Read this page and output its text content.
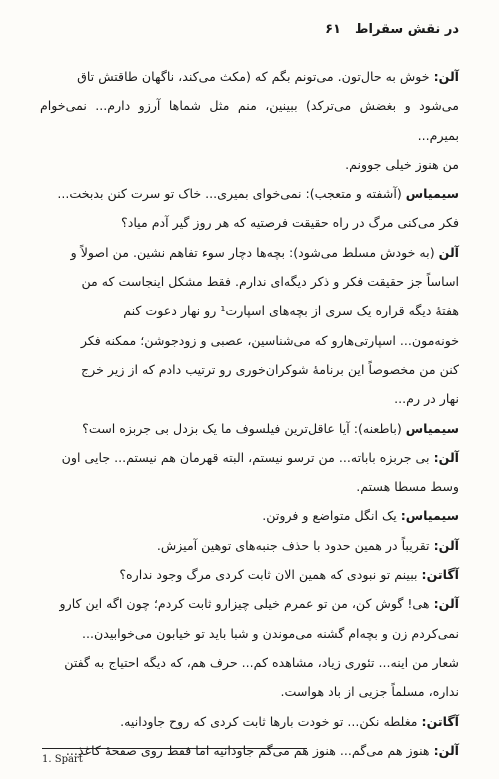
در نقش سقراط
۶۱

آلن: خوش به حال‌تون. می‌تونم بگم که (مکث می‌کند، ناگهان طاقتش تاق

می‌شود و بغضش می‌ترکد) ببینین، منم مثل شماها آرزو دارم... نمی‌خوام بمیرم...

من هنوز خیلی جوونم.

سیمیاس (آشفته و متعجب): نمی‌خوای بمیری... خاک تو سرت کنن بدبخت...

فکر می‌کنی مرگ در راه حقیقت فرصتیه که هر روز گیر آدم میاد؟

آلن (به خودش مسلط می‌شود): بچه‌ها دچار سوء تفاهم نشین. من اصولاً و

اساساً جز حقیقت فکر و ذکر دیگه‌ای ندارم. فقط مشکل اینجاست که من

هفتهٔ دیگه قراره یک سری از بچه‌های اسپارت¹ رو نهار دعوت کنم

خونه‌مون... اسپارتی‌هارو که می‌شناسین، عصبی و زودجوشن؛ ممکنه فکر

کنن من مخصوصاً این برنامهٔ شوکران‌خوری رو ترتیب دادم که از زیر خرج

نهار در رم...

سیمیاس (باطعنه): آیا عاقل‌ترین فیلسوف ما یک بزدل بی جربزه است؟

آلن: بی جربزه باباته... من ترسو نیستم، البته قهرمان هم نیستم... جایی اون

وسط مسطا هستم.

سیمیاس: یک انگل متواضع و فروتن.

آلن: تقریباً در همین حدود با حذف جنبه‌های توهین آمیزش.

آگاتن: ببینم تو نبودی که همین الان ثابت کردی مرگ وجود نداره؟

آلن: هی! گوش کن، من تو عمرم خیلی چیزارو ثابت کردم؛ چون اگه این کارو

نمی‌کردم زن و بچه‌ام گشنه می‌موندن و شبا باید تو خیابون می‌خوابیدن...

شعار من اینه... تئوری زیاد، مشاهده کم... حرف هم، که دیگه احتیاج به گفتن

نداره، مسلماً جزیی از باد هواست.

آگاتن: مغلطه نکن... تو خودت بارها ثابت کردی که روح جاودانیه.

آلن: هنوز هم می‌گم... هنوز هم می‌گم جاودانیه اما فقط روی صفحهٔ کاغذ...

1. Spart
